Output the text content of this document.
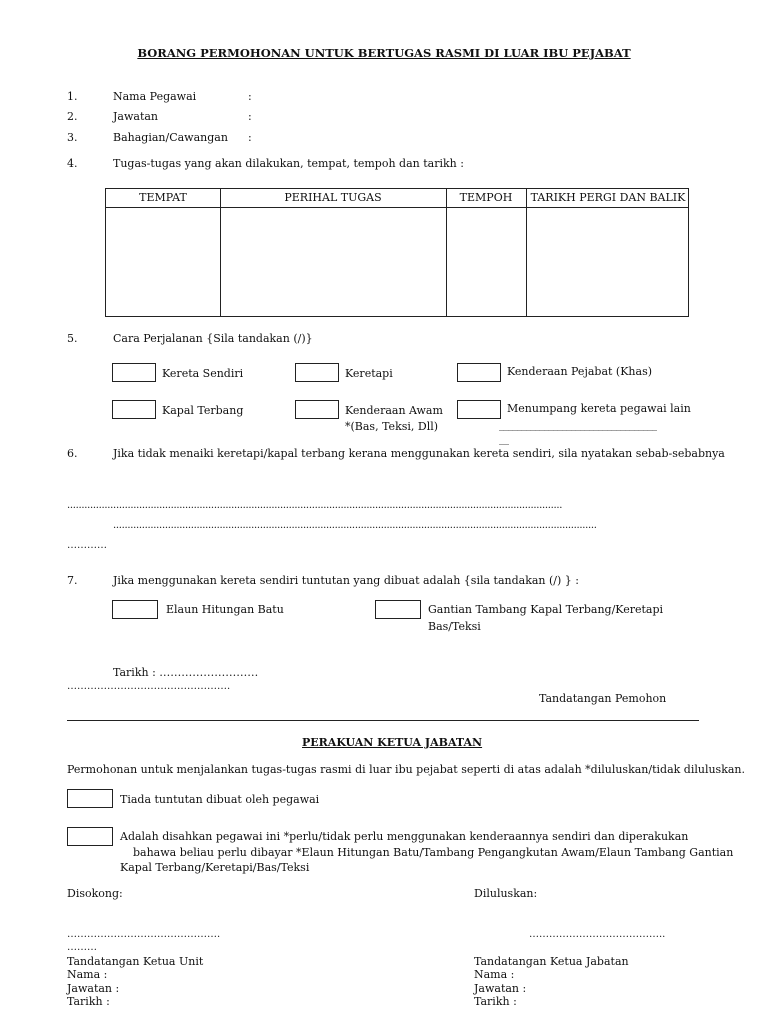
BORANG PERMOHONAN UNTUK BERTUGAS RASMI DI LUAR IBU PEJABAT
1.	Nama Pegawai	:
2.	Jawatan	:
3.	Bahagian/Cawangan :
4.	Tugas-tugas yang akan dilakukan, tempat, tempoh dan tarikh :
TEMPAT	PERIHAL TUGAS	TEMPOH	TARIKH PERGI DAN BALIK
5.	Cara Perjalanan {Sila tandakan (/)}
Kereta Sendiri	Keretapi	Kenderaan Pejabat (Khas)
Kapal Terbang	Kenderaan Awam
*(Bas, Teksi, Dll)
Menumpang kereta pegawai lain
___________________________________
__
6.	Jika tidak menaiki keretapi/kapal terbang kerana menggunakan kereta sendiri, sila nyatakan sebab-sebabnya
............................................................................................................................................................................
........................................................................................................................................................................
…………
7.	Jika menggunakan kereta sendiri tuntutan yang dibuat adalah {sila tandakan (/) } :
Elaun Hitungan Batu	Gantian Tambang Kapal Terbang/Keretapi
Bas/Teksi
Tarikh : ………………………
………………………………………….
Tandatangan Pemohon
PERAKUAN KETUA JABATAN
Permohonan untuk menjalankan tugas-tugas rasmi di luar ibu pejabat seperti di atas adalah *diluluskan/tidak diluluskan.
Tiada tuntutan dibuat oleh pegawai
Adalah disahkan pegawai ini *perlu/tidak perlu menggunakan kenderaannya sendiri dan diperakukan
bahawa beliau perlu dibayar *Elaun Hitungan Batu/Tambang Pengangkutan Awam/Elaun Tambang Gantian
Kapal Terbang/Keretapi/Bas/Teksi
Disokong:
……………………………………….
………
Tandatangan Ketua Unit
Nama :
Jawatan :
Tarikh :
Diluluskan:
…………………………………..
Tandatangan Ketua Jabatan
Nama :
Jawatan :
Tarikh :
